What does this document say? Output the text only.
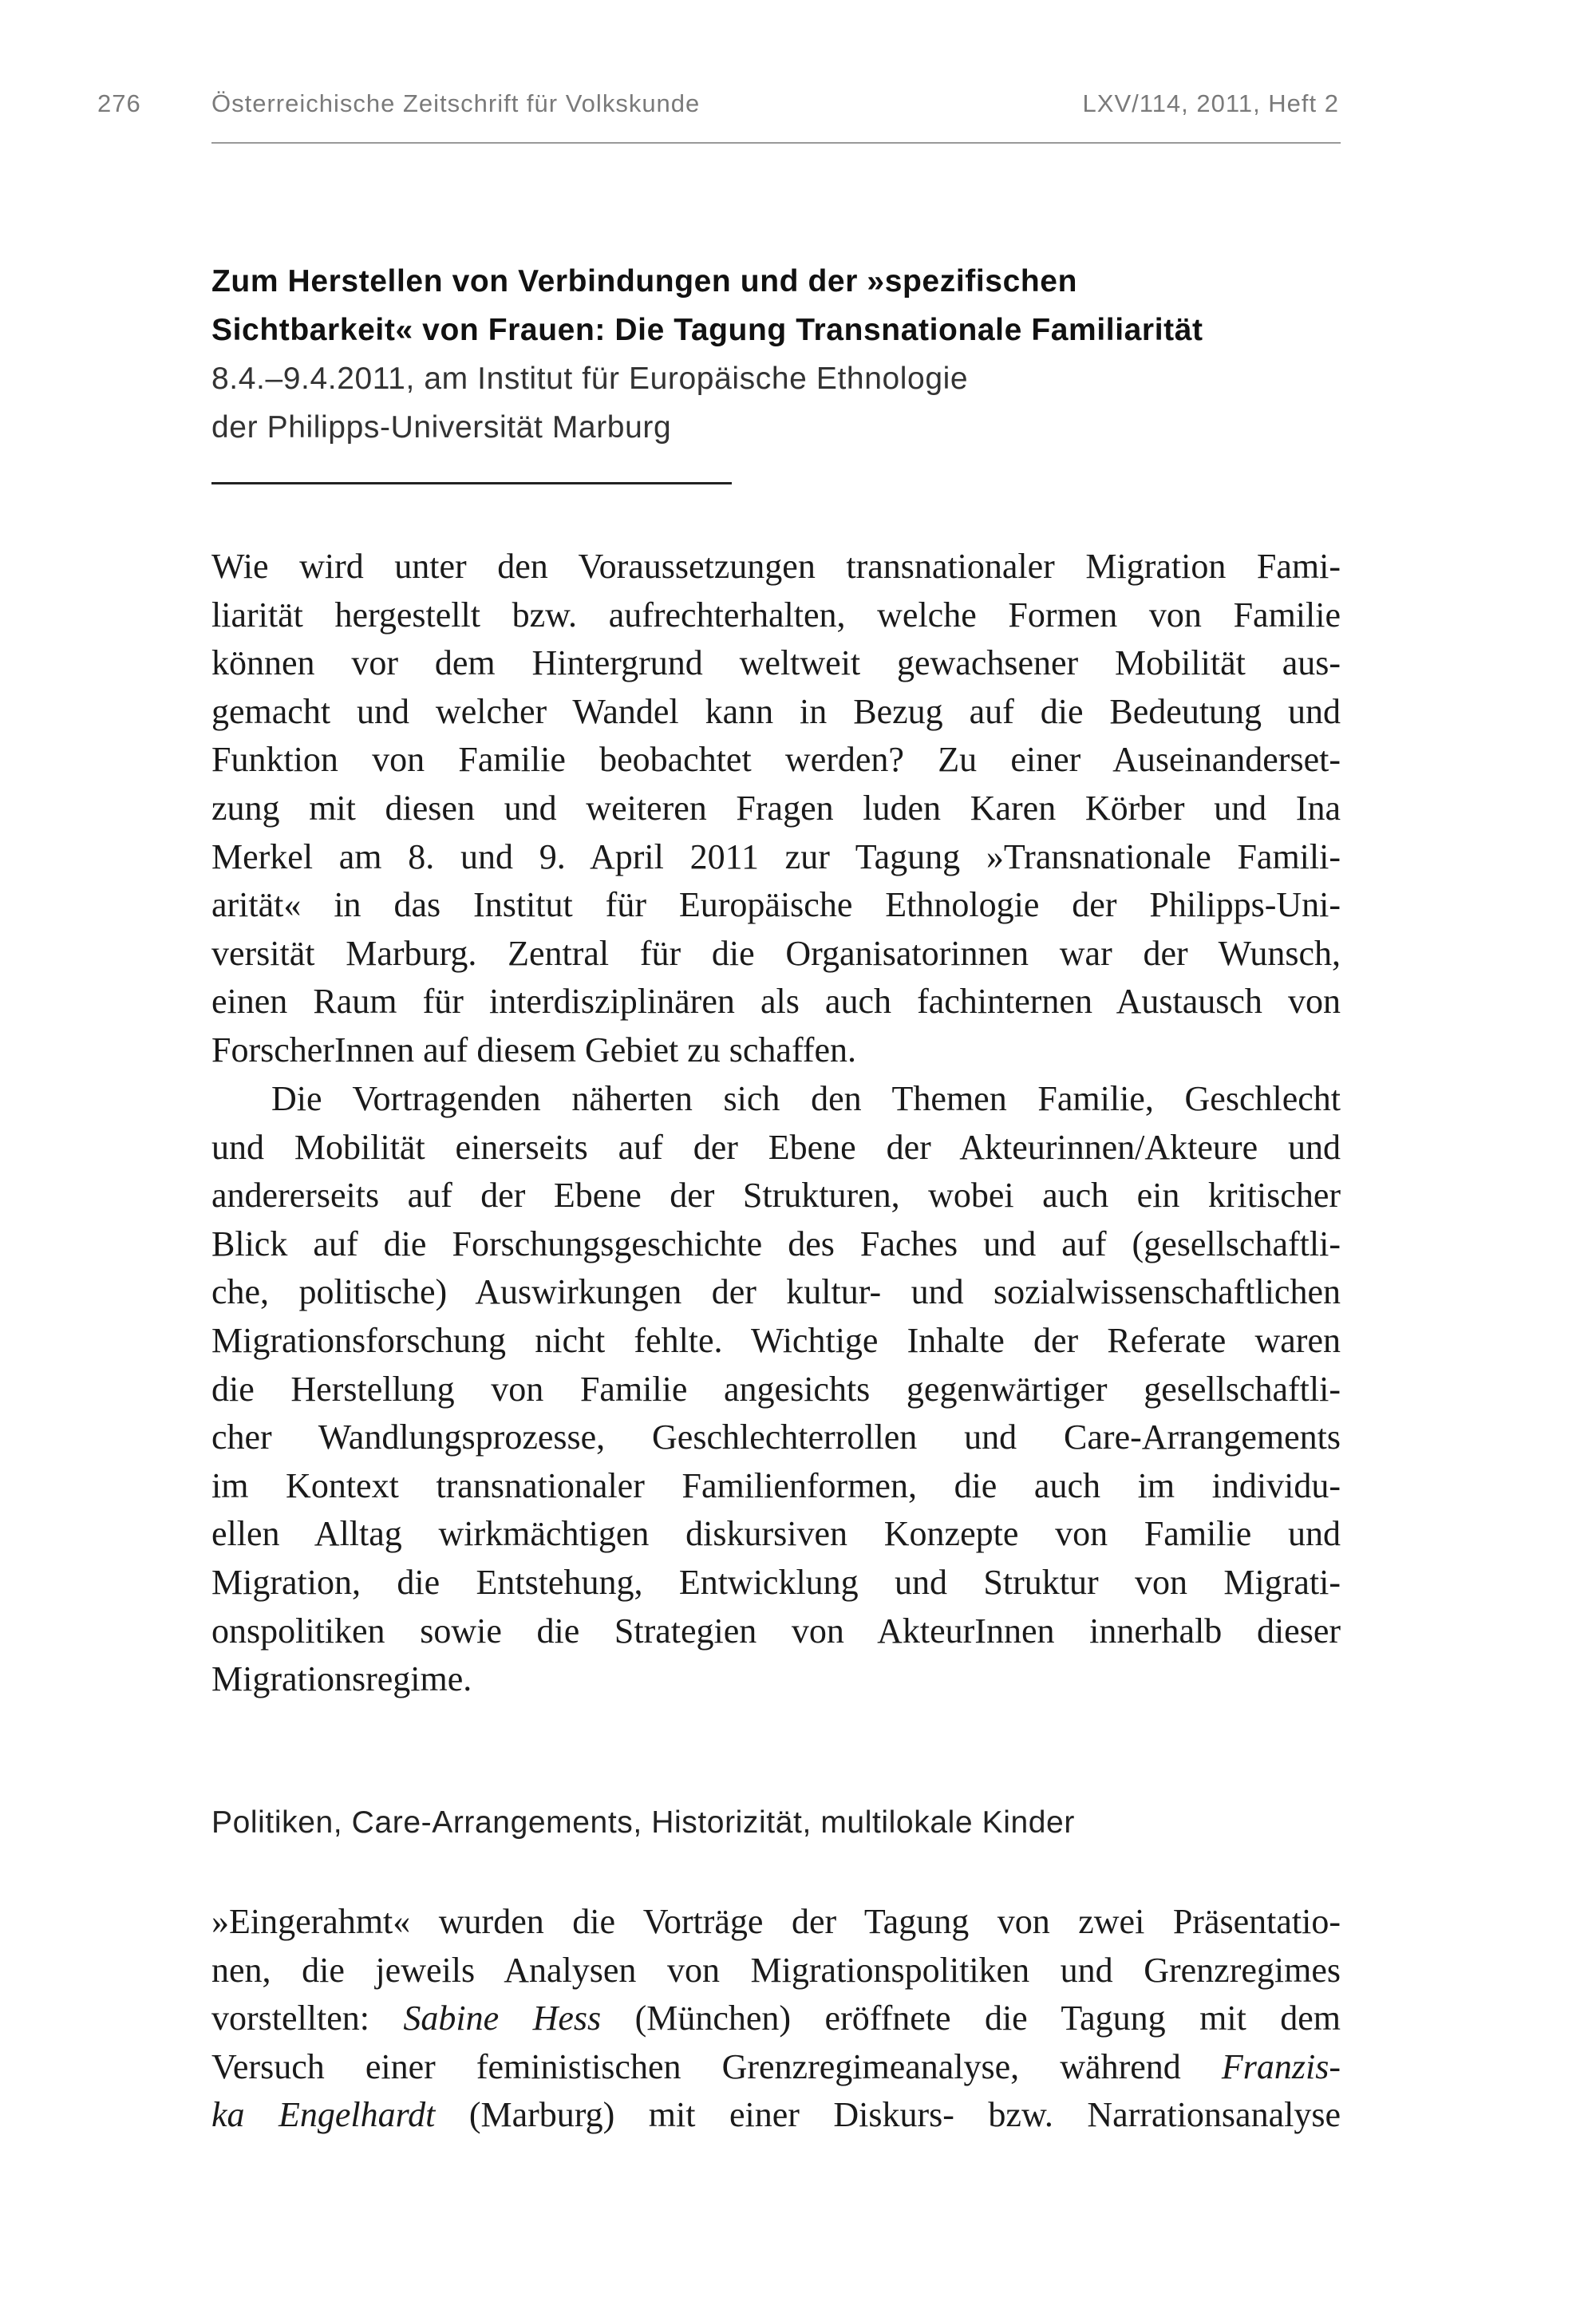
276	Österreichische Zeitschrift für Volkskunde	LXV/114, 2011, Heft 2
Zum Herstellen von Verbindungen und der »spezifischen
Sichtbarkeit« von Frauen: Die Tagung Transnationale Familiarität
8.4.–9.4.2011, am Institut für Europäische Ethnologie
der Philipps-Universität Marburg
Wie wird unter den Voraussetzungen transnationaler Migration Fami-
liarität hergestellt bzw. aufrechterhalten, welche Formen von Familie
können vor dem Hintergrund weltweit gewachsener Mobilität aus-
gemacht und welcher Wandel kann in Bezug auf die Bedeutung und
Funktion von Familie beobachtet werden? Zu einer Auseinanderset-
zung mit diesen und weiteren Fragen luden Karen Körber und Ina
Merkel am 8. und 9. April 2011 zur Tagung »Transnationale Famili-
arität« in das Institut für Europäische Ethnologie der Philipps-Uni-
versität Marburg. Zentral für die Organisatorinnen war der Wunsch,
einen Raum für interdisziplinären als auch fachinternen Austausch von
ForscherInnen auf diesem Gebiet zu schaffen.
Die Vortragenden näherten sich den Themen Familie, Geschlecht
und Mobilität einerseits auf der Ebene der Akteurinnen/Akteure und
andererseits auf der Ebene der Strukturen, wobei auch ein kritischer
Blick auf die Forschungsgeschichte des Faches und auf (gesellschaftli-
che, politische) Auswirkungen der kultur- und sozialwissenschaftlichen
Migrationsforschung nicht fehlte. Wichtige Inhalte der Referate waren
die Herstellung von Familie angesichts gegenwärtiger gesellschaftli-
cher Wandlungsprozesse, Geschlechterrollen und Care-Arrangements
im Kontext transnationaler Familienformen, die auch im individu-
ellen Alltag wirkmächtigen diskursiven Konzepte von Familie und
Migration, die Entstehung, Entwicklung und Struktur von Migrati-
onspolitiken sowie die Strategien von AkteurInnen innerhalb dieser
Migrationsregime.
Politiken, Care-Arrangements, Historizität, multilokale Kinder
»Eingerahmt« wurden die Vorträge der Tagung von zwei Präsentatio-
nen, die jeweils Analysen von Migrationspolitiken und Grenzregimes
vorstellten: Sabine Hess (München) eröffnete die Tagung mit dem
Versuch einer feministischen Grenzregimeanalyse, während Franzis-
ka Engelhardt (Marburg) mit einer Diskurs- bzw. Narrationsanalyse
